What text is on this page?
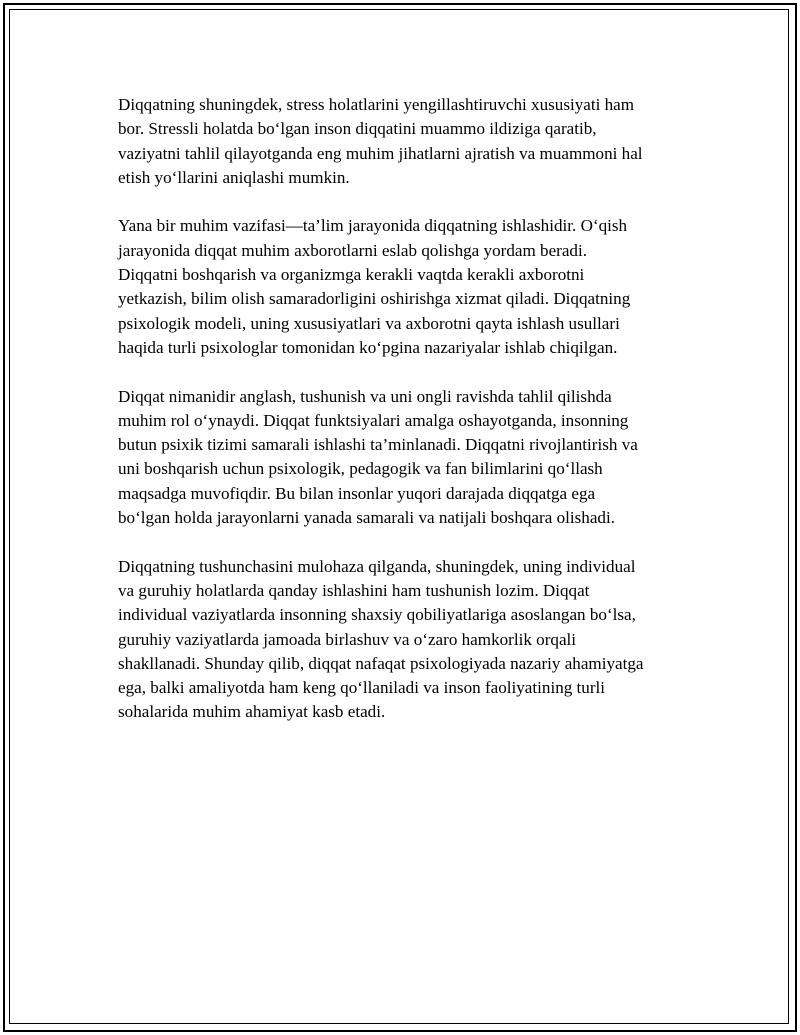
Diqqatning shuningdek, stress holatlarini yengillashtiruvchi xususiyati ham
bor. Stressli holatda bo‘lgan inson diqqatini muammo ildiziga qaratib,
vaziyatni tahlil qilayotganda eng muhim jihatlarni ajratish va muammoni hal
etish yo‘llarini aniqlashi mumkin.

Yana bir muhim vazifasi—ta’lim jarayonida diqqatning ishlashidir. O‘qish
jarayonida diqqat muhim axborotlarni eslab qolishga yordam beradi.
Diqqatni boshqarish va organizmga kerakli vaqtda kerakli axborotni
yetkazish, bilim olish samaradorligini oshirishga xizmat qiladi. Diqqatning
psixologik modeli, uning xususiyatlari va axborotni qayta ishlash usullari
haqida turli psixologlar tomonidan ko‘pgina nazariyalar ishlab chiqilgan.

Diqqat nimanidir anglash, tushunish va uni ongli ravishda tahlil qilishda
muhim rol o‘ynaydi. Diqqat funktsiyalari amalga oshayotganda, insonning
butun psixik tizimi samarali ishlashi ta’minlanadi. Diqqatni rivojlantirish va
uni boshqarish uchun psixologik, pedagogik va fan bilimlarini qo‘llash
maqsadga muvofiqdir. Bu bilan insonlar yuqori darajada diqqatga ega
bo‘lgan holda jarayonlarni yanada samarali va natijali boshqara olishadi.

Diqqatning tushunchasini mulohaza qilganda, shuningdek, uning individual
va guruhiy holatlarda qanday ishlashini ham tushunish lozim. Diqqat
individual vaziyatlarda insonning shaxsiy qobiliyatlariga asoslangan bo‘lsa,
guruhiy vaziyatlarda jamoada birlashuv va o‘zaro hamkorlik orqali
shakllanadi. Shunday qilib, diqqat nafaqat psixologiyada nazariy ahamiyatga
ega, balki amaliyotda ham keng qo‘llaniladi va inson faoliyatining turli
sohalarida muhim ahamiyat kasb etadi.
